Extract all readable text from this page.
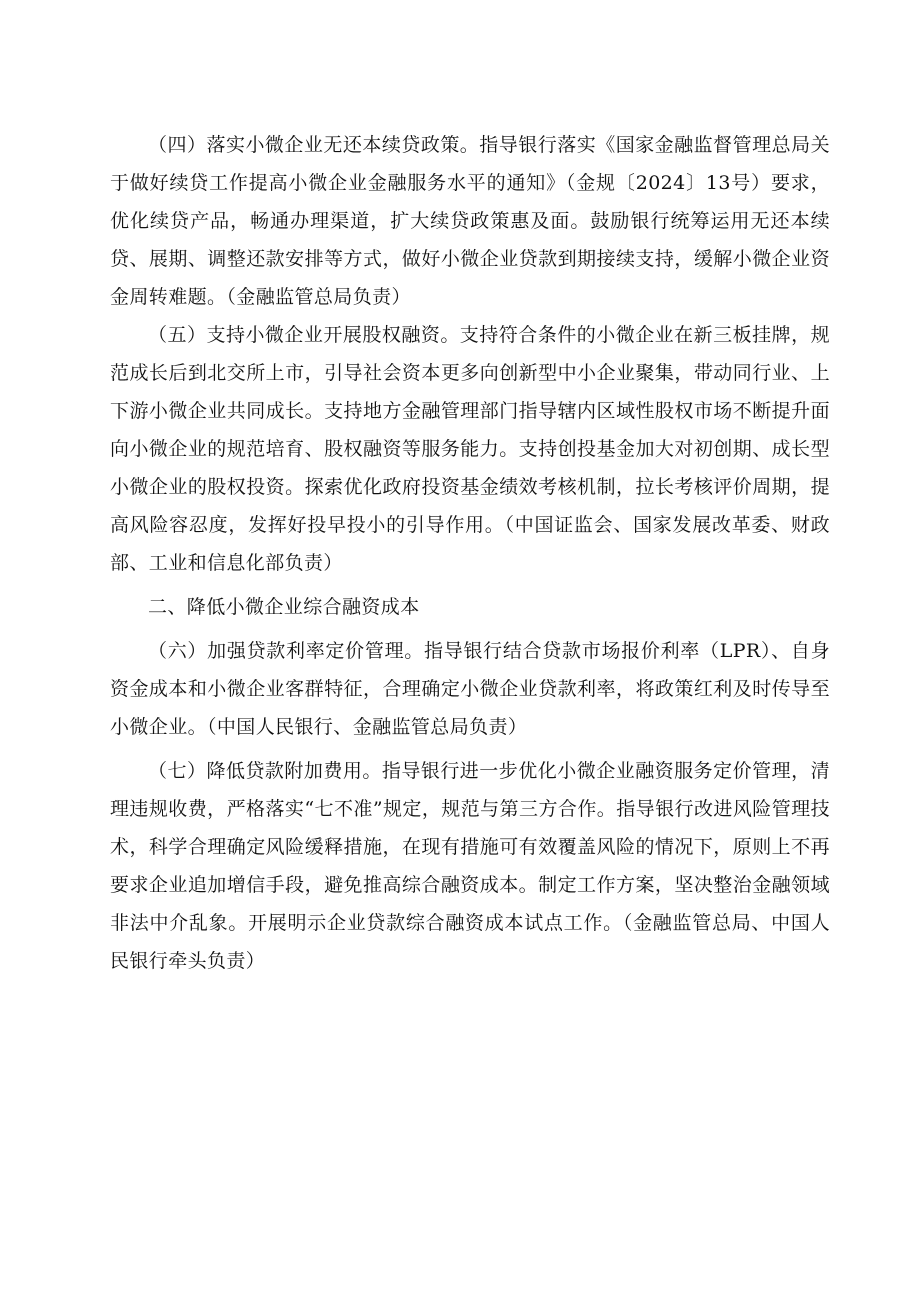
（四）落实小微企业无还本续贷政策。指导银行落实《国家金融监督管理总局关于做好续贷工作提高小微企业金融服务水平的通知》（金规〔2024〕13号）要求，优化续贷产品，畅通办理渠道，扩大续贷政策惠及面。鼓励银行统筹运用无还本续贷、展期、调整还款安排等方式，做好小微企业贷款到期接续支持，缓解小微企业资金周转难题。（金融监管总局负责）

（五）支持小微企业开展股权融资。支持符合条件的小微企业在新三板挂牌，规范成长后到北交所上市，引导社会资本更多向创新型中小企业聚集，带动同行业、上下游小微企业共同成长。支持地方金融管理部门指导辖内区域性股权市场不断提升面向小微企业的规范培育、股权融资等服务能力。支持创投基金加大对初创期、成长型小微企业的股权投资。探索优化政府投资基金绩效考核机制，拉长考核评价周期，提高风险容忍度，发挥好投早投小的引导作用。（中国证监会、国家发展改革委、财政部、工业和信息化部负责）

二、降低小微企业综合融资成本

（六）加强贷款利率定价管理。指导银行结合贷款市场报价利率（LPR）、自身资金成本和小微企业客群特征，合理确定小微企业贷款利率，将政策红利及时传导至小微企业。（中国人民银行、金融监管总局负责）

（七）降低贷款附加费用。指导银行进一步优化小微企业融资服务定价管理，清理违规收费，严格落实“七不准”规定，规范与第三方合作。指导银行改进风险管理技术，科学合理确定风险缓释措施，在现有措施可有效覆盖风险的情况下，原则上不再要求企业追加增信手段，避免推高综合融资成本。制定工作方案，坚决整治金融领域非法中介乱象。开展明示企业贷款综合融资成本试点工作。（金融监管总局、中国人民银行牵头负责）
